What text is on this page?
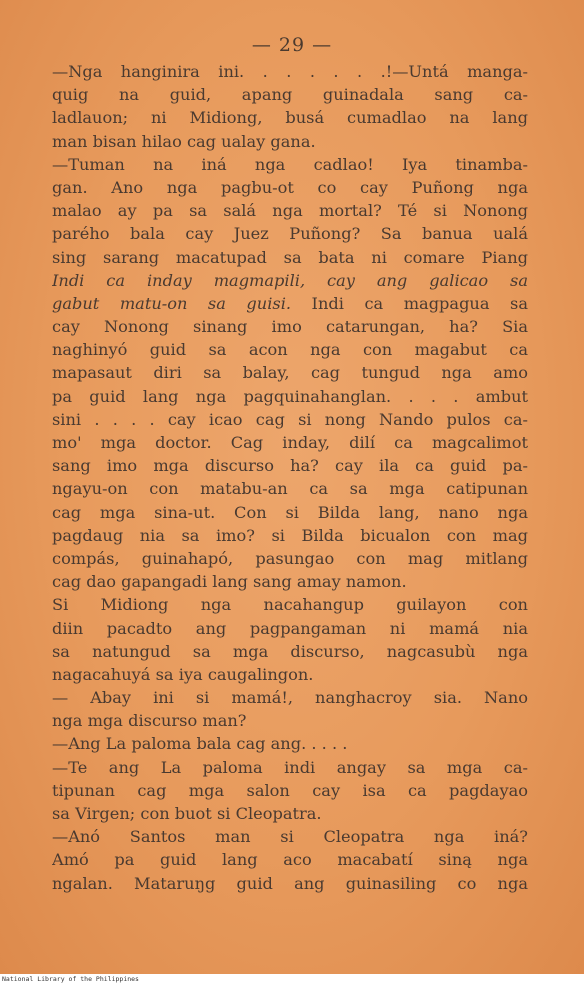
— 29 —
—Nga hanginira ini. . . . . . .!—Untá manga-
quig na guid, apang guinadala sang ca-
ladlauon; ni Midiong, busá cumadlao na lang
man bisan hilao cag ualay gana.
—Tuman na iná nga cadlao! Iya tinamba-
gan. Ano nga pagbu-ot co cay Puñong nga
malao ay pa sa salá nga mortal? Té si Nonong
parého bala cay Juez Puñong? Sa banua ualá
sing sarang macatupad sa bata ni comare Piang
Indi ca inday magmapili, cay ang galicao sa
gabut matu-on sa guisi. Indi ca magpagua sa
cay Nonong sinang imo catarungan, ha? Sia
naghinyó guid sa acon nga con magabut ca
mapasaut diri sa balay, cag tungud nga amo
pa guid lang nga pagquinahanglan. . . . ambut
sini . . . . cay icao cag si nong Nando pulos ca-
mo' mga doctor. Cag inday, dilí ca magcalimot
sang imo mga discurso ha? cay ila ca guid pa-
ngayu-on con matabu-an ca sa mga catipunan
cag mga sina-ut. Con si Bilda lang, nano nga
pagdaug nia sa imo? si Bilda bicualon con mag
compás, guinahapó, pasungao con mag mitlang
cag dao gapangadi lang sang amay namon.
Si Midiong nga nacahangup guilayon con
diin pacadto ang pagpangaman ni mamá nia
sa natungud sa mga discurso, nagcasubù nga
nagacahuyá sa iya caugalingon.
— Abay ini si mamá!, nanghacroy sia. Nano
nga mga discurso man?
—Ang La paloma bala cag ang. . . . .
—Te ang La paloma indi angay sa mga ca-
tipunan cag mga salon cay isa ca pagdayao
sa Virgen; con buot si Cleopatra.
—Anó Santos man si Cleopatra nga iná?
Amó pa guid lang aco macabatí siną nga
ngalan. Mataruŋg guid ang guinasiling co nga
National Library of the Philippines
